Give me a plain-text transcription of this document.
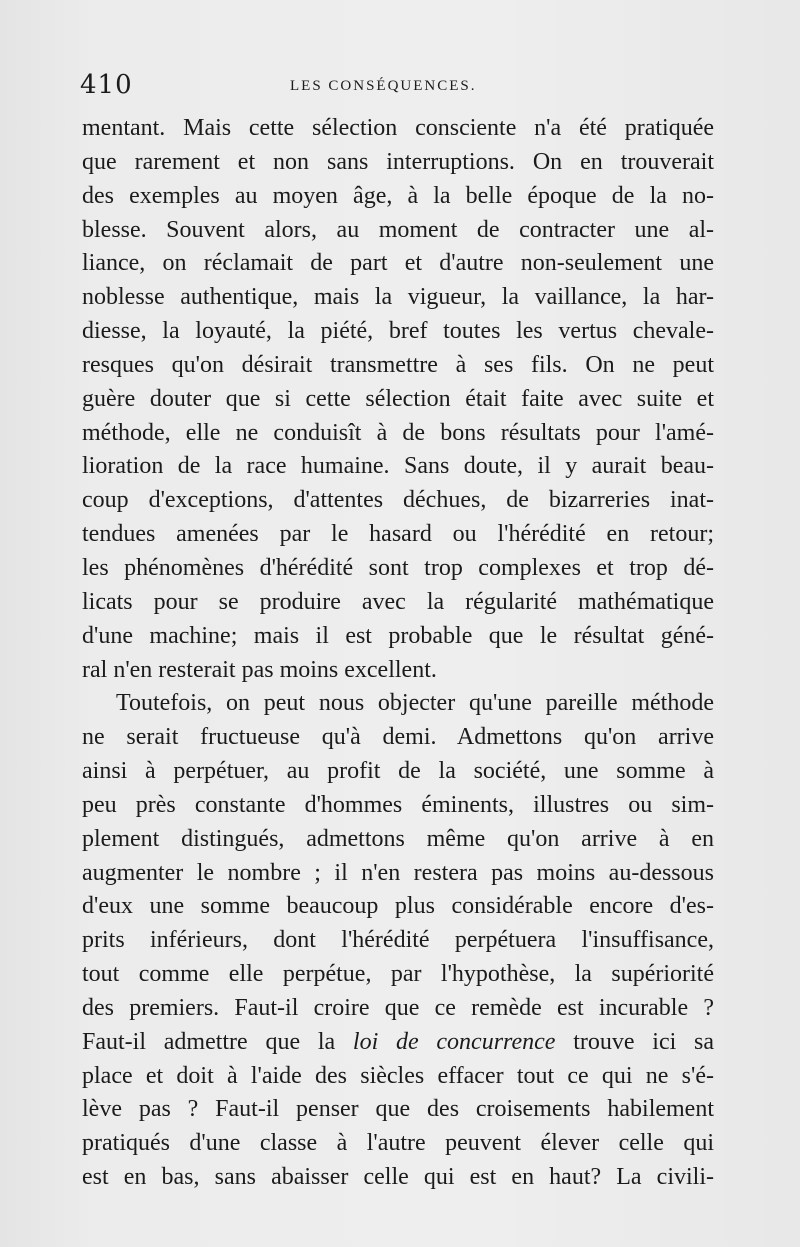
410	LES CONSÉQUENCES.
mentant. Mais cette sélection consciente n'a été pratiquée
que rarement et non sans interruptions. On en trouverait
des exemples au moyen âge, à la belle époque de la no-
blesse. Souvent alors, au moment de contracter une al-
liance, on réclamait de part et d'autre non-seulement une
noblesse authentique, mais la vigueur, la vaillance, la har-
diesse, la loyauté, la piété, bref toutes les vertus chevale-
resques qu'on désirait transmettre à ses fils. On ne peut
guère douter que si cette sélection était faite avec suite et
méthode, elle ne conduisît à de bons résultats pour l'amé-
lioration de la race humaine. Sans doute, il y aurait beau-
coup d'exceptions, d'attentes déchues, de bizarreries inat-
tendues amenées par le hasard ou l'hérédité en retour;
les phénomènes d'hérédité sont trop complexes et trop dé-
licats pour se produire avec la régularité mathématique
d'une machine; mais il est probable que le résultat géné-
ral n'en resterait pas moins excellent.
Toutefois, on peut nous objecter qu'une pareille méthode
ne serait fructueuse qu'à demi. Admettons qu'on arrive
ainsi à perpétuer, au profit de la société, une somme à
peu près constante d'hommes éminents, illustres ou sim-
plement distingués, admettons même qu'on arrive à en
augmenter le nombre ; il n'en restera pas moins au-dessous
d'eux une somme beaucoup plus considérable encore d'es-
prits inférieurs, dont l'hérédité perpétuera l'insuffisance,
tout comme elle perpétue, par l'hypothèse, la supériorité
des premiers. Faut-il croire que ce remède est incurable ?
Faut-il admettre que la loi de concurrence trouve ici sa
place et doit à l'aide des siècles effacer tout ce qui ne s'é-
lève pas ? Faut-il penser que des croisements habilement
pratiqués d'une classe à l'autre peuvent élever celle qui
est en bas, sans abaisser celle qui est en haut? La civili-
